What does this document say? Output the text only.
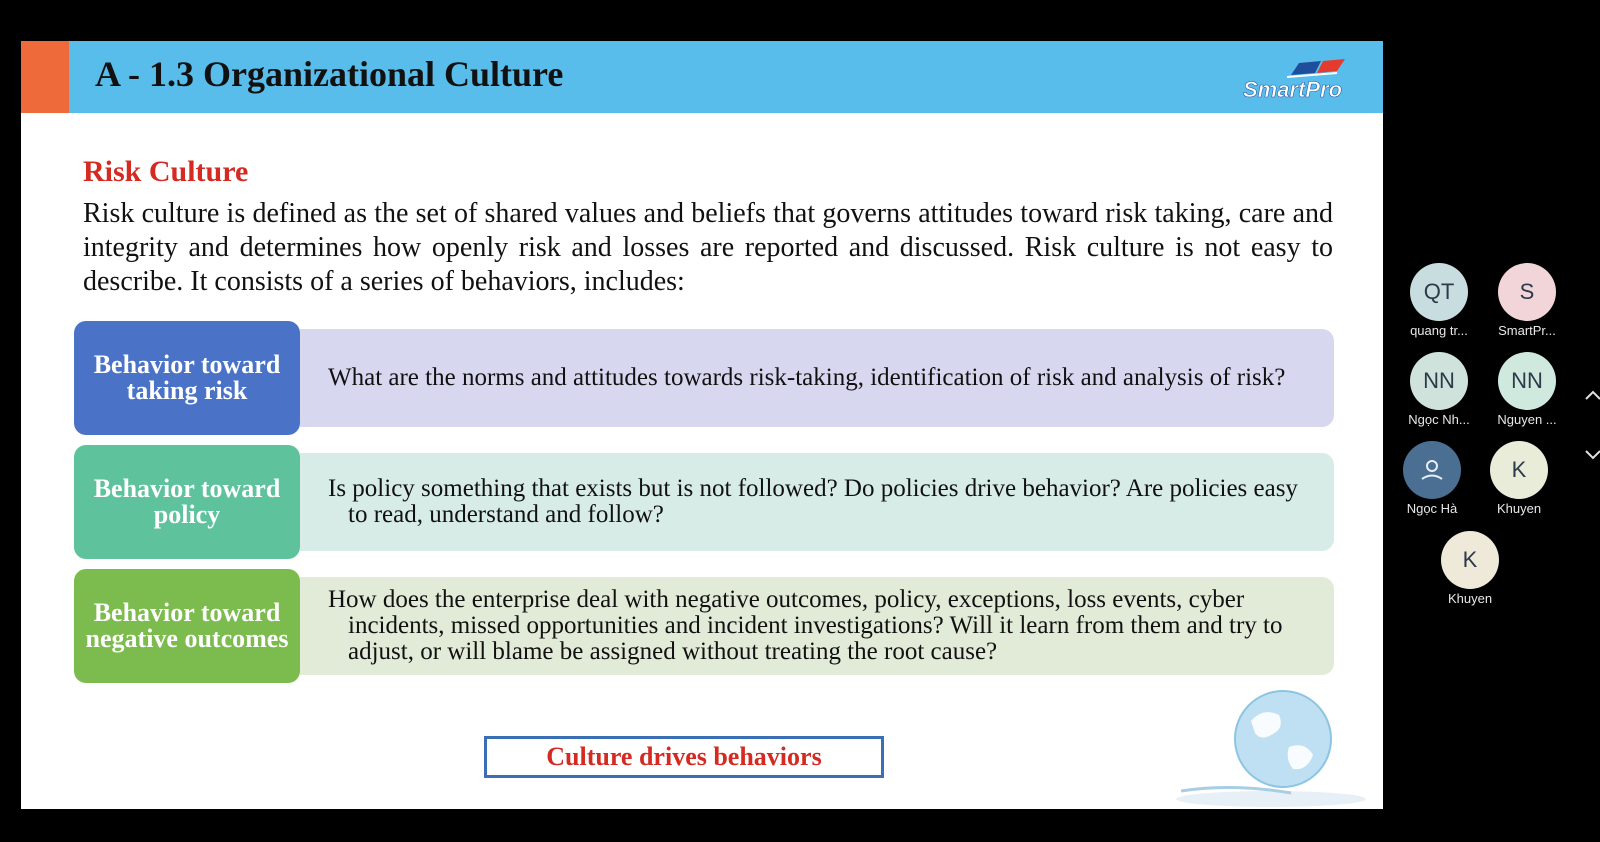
A - 1.3 Organizational Culture	SmartPro
Risk Culture
Risk culture is defined as the set of shared values and beliefs that governs attitudes toward risk taking, care and integrity and determines how openly risk and losses are reported and discussed. Risk culture is not easy to describe. It consists of a series of behaviors, includes:
Behavior toward taking risk	What are the norms and attitudes towards risk-taking, identification of risk and analysis of risk?
Behavior toward policy
Is policy something that exists but is not followed? Do policies drive behavior? Are policies easy to read, understand and follow?
Behavior toward negative outcomes
How does the enterprise deal with negative outcomes, policy, exceptions, loss events, cyber incidents, missed opportunities and incident investigations? Will it learn from them and try to adjust, or will blame be assigned without treating the root cause?
Culture drives behaviors
QT
quang tr...
S
SmartPr...
NN
Ngọc Nh...
NN
Nguyen ...
Ngọc Hà
K
Khuyen
K
Khuyen
